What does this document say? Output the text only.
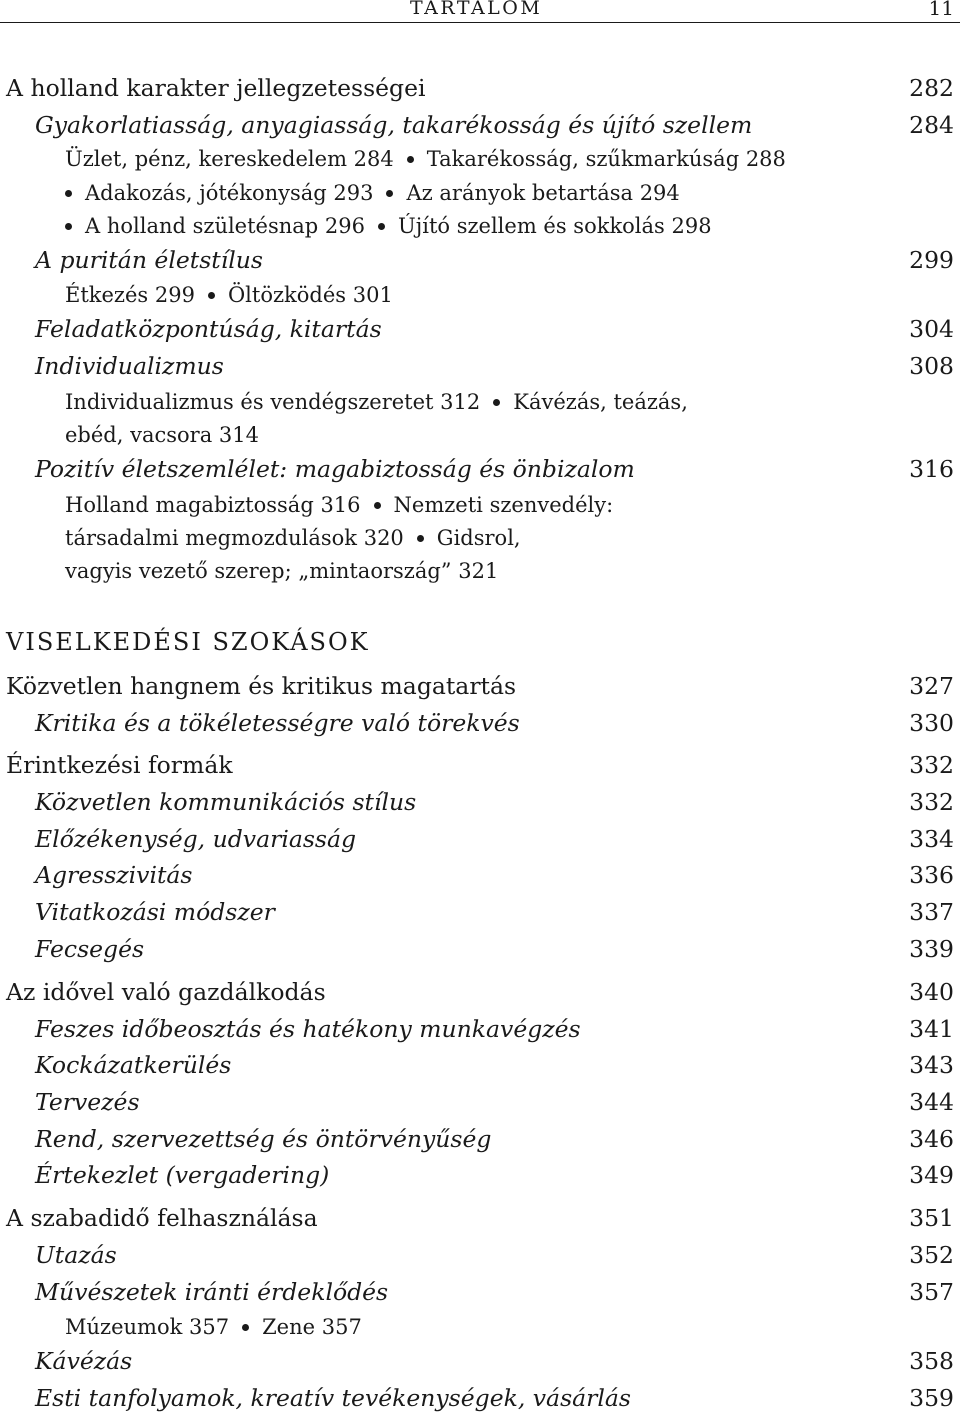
TARTALOM	11
A holland karakter jellegzetességei	282
Gyakorlatiasság, anyagiasság, takarékosság és újító szellem	284
Üzlet, pénz, kereskedelem 284 Takarékosság, szűkmarkúság 288
Adakozás, jótékonyság 293 Az arányok betartása 294
A holland születésnap 296 Újító szellem és sokkolás 298
A puritán életstílus	299
Étkezés 299 Öltözködés 301
Feladatközpontúság, kitartás	304
Individualizmus	308
Individualizmus és vendégszeretet 312 Kávézás, teázás,
ebéd, vacsora 314
Pozitív életszemlélet: magabiztosság és önbizalom	316
Holland magabiztosság 316 Nemzeti szenvedély:
társadalmi megmozdulások 320 Gidsrol,
vagyis vezető szerep; „mintaország” 321
VISELKEDÉSI SZOKÁSOK
Közvetlen hangnem és kritikus magatartás	327
Kritika és a tökéletességre való törekvés	330
Érintkezési formák	332
Közvetlen kommunikációs stílus	332
Előzékenység, udvariasság	334
Agresszivitás	336
Vitatkozási módszer	337
Fecsegés	339
Az idővel való gazdálkodás	340
Feszes időbeosztás és hatékony munkavégzés	341
Kockázatkerülés	343
Tervezés	344
Rend, szervezettség és öntörvényűség	346
Értekezlet (vergadering)	349
A szabadidő felhasználása	351
Utazás	352
Művészetek iránti érdeklődés	357
Múzeumok 357 Zene 357
Kávézás	358
Esti tanfolyamok, kreatív tevékenységek, vásárlás	359
